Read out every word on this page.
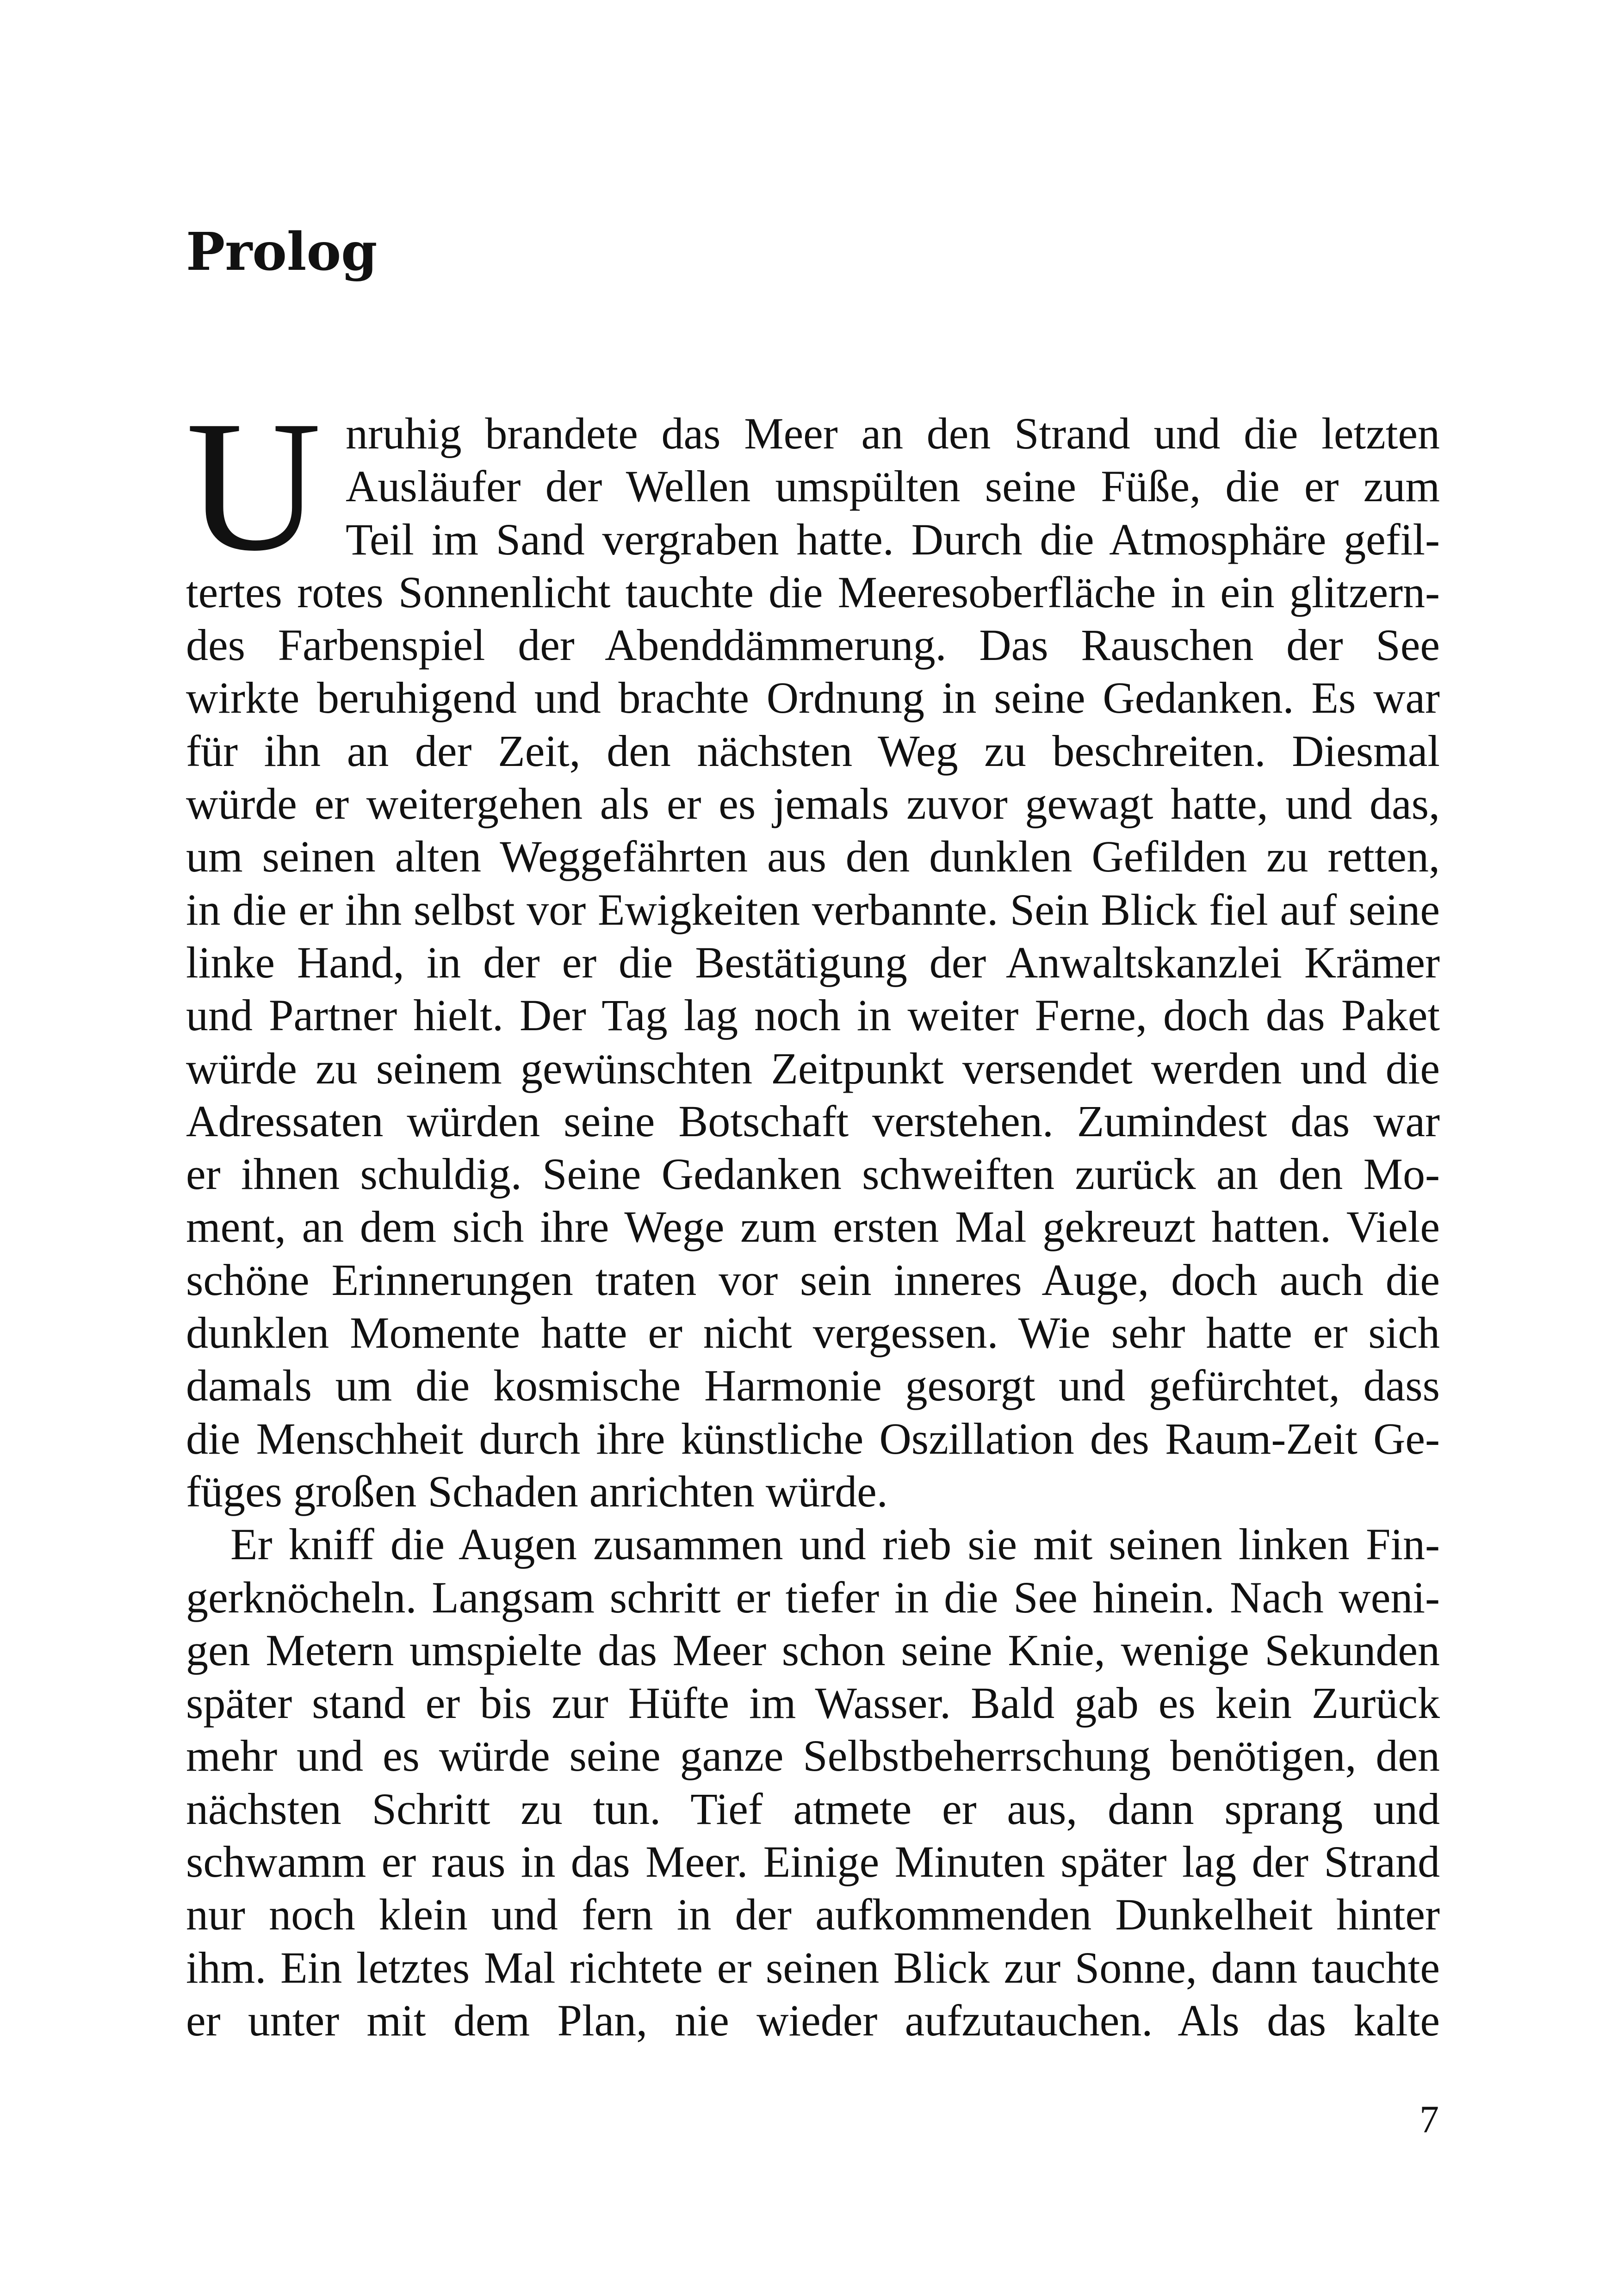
Prolog
U nruhig brandete das Meer an den Strand und die letzten
Ausläufer der Wellen umspülten seine Füße, die er zum
Teil im Sand vergraben hatte. Durch die Atmosphäre gefil-
tertes rotes Sonnenlicht tauchte die Meeresoberfläche in ein glitzern-
des Farbenspiel der Abenddämmerung. Das Rauschen der See
wirkte beruhigend und brachte Ordnung in seine Gedanken. Es war
für ihn an der Zeit, den nächsten Weg zu beschreiten. Diesmal
würde er weitergehen als er es jemals zuvor gewagt hatte, und das,
um seinen alten Weggefährten aus den dunklen Gefilden zu retten,
in die er ihn selbst vor Ewigkeiten verbannte. Sein Blick fiel auf seine
linke Hand, in der er die Bestätigung der Anwaltskanzlei Krämer
und Partner hielt. Der Tag lag noch in weiter Ferne, doch das Paket
würde zu seinem gewünschten Zeitpunkt versendet werden und die
Adressaten würden seine Botschaft verstehen. Zumindest das war
er ihnen schuldig. Seine Gedanken schweiften zurück an den Mo-
ment, an dem sich ihre Wege zum ersten Mal gekreuzt hatten. Viele
schöne Erinnerungen traten vor sein inneres Auge, doch auch die
dunklen Momente hatte er nicht vergessen. Wie sehr hatte er sich
damals um die kosmische Harmonie gesorgt und gefürchtet, dass
die Menschheit durch ihre künstliche Oszillation des Raum-Zeit Ge-
füges großen Schaden anrichten würde.
Er kniff die Augen zusammen und rieb sie mit seinen linken Fin-
gerknöcheln. Langsam schritt er tiefer in die See hinein. Nach weni-
gen Metern umspielte das Meer schon seine Knie, wenige Sekunden
später stand er bis zur Hüfte im Wasser. Bald gab es kein Zurück
mehr und es würde seine ganze Selbstbeherrschung benötigen, den
nächsten Schritt zu tun. Tief atmete er aus, dann sprang und
schwamm er raus in das Meer. Einige Minuten später lag der Strand
nur noch klein und fern in der aufkommenden Dunkelheit hinter
ihm. Ein letztes Mal richtete er seinen Blick zur Sonne, dann tauchte
er unter mit dem Plan, nie wieder aufzutauchen. Als das kalte
7
